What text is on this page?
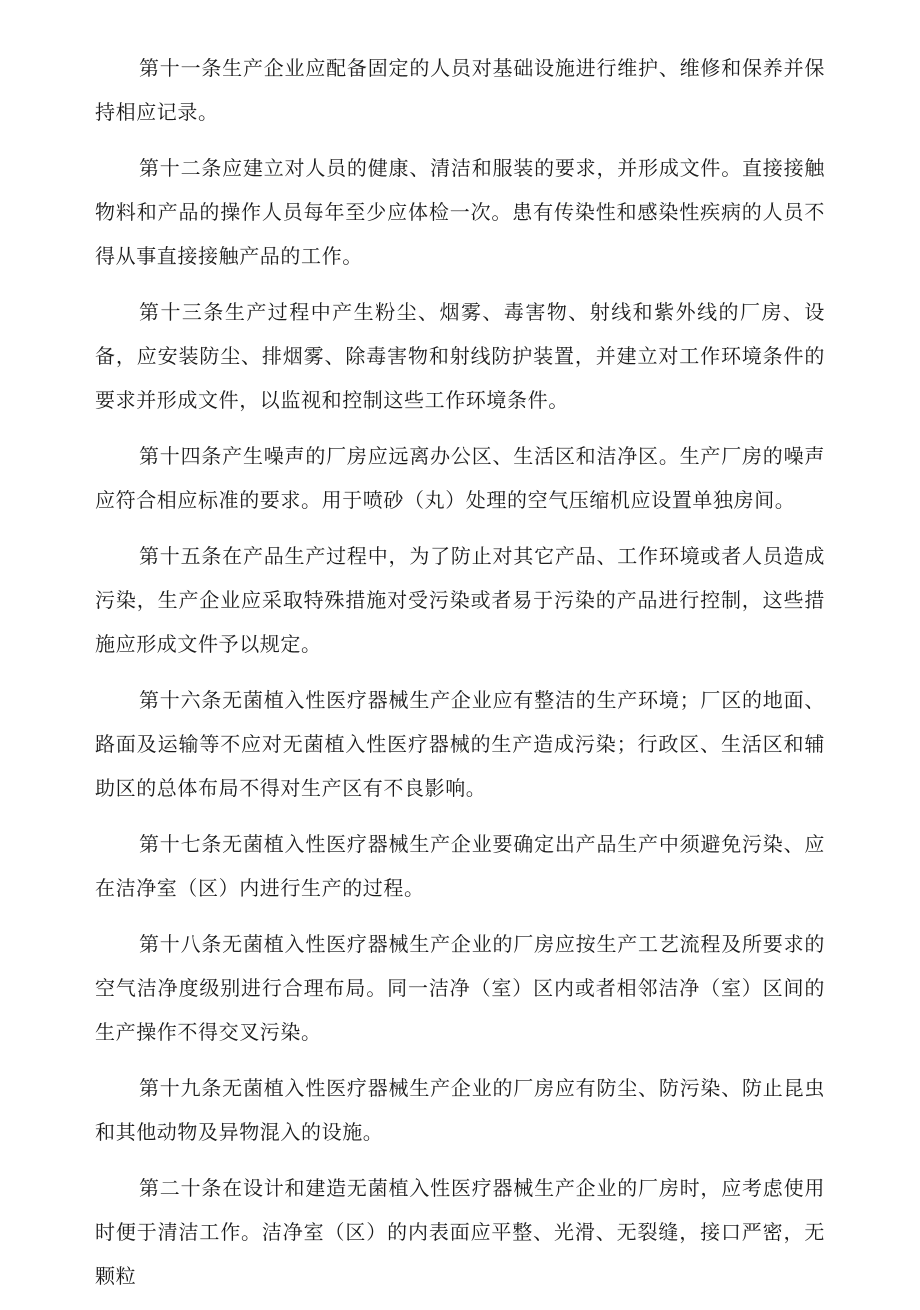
第十一条生产企业应配备固定的人员对基础设施进行维护、维修和保养并保持相应记录。

第十二条应建立对人员的健康、清洁和服装的要求，并形成文件。直接接触物料和产品的操作人员每年至少应体检一次。患有传染性和感染性疾病的人员不得从事直接接触产品的工作。

第十三条生产过程中产生粉尘、烟雾、毒害物、射线和紫外线的厂房、设备，应安装防尘、排烟雾、除毒害物和射线防护装置，并建立对工作环境条件的要求并形成文件，以监视和控制这些工作环境条件。

第十四条产生噪声的厂房应远离办公区、生活区和洁净区。生产厂房的噪声应符合相应标准的要求。用于喷砂（丸）处理的空气压缩机应设置单独房间。

第十五条在产品生产过程中，为了防止对其它产品、工作环境或者人员造成污染，生产企业应采取特殊措施对受污染或者易于污染的产品进行控制，这些措施应形成文件予以规定。

第十六条无菌植入性医疗器械生产企业应有整洁的生产环境；厂区的地面、路面及运输等不应对无菌植入性医疗器械的生产造成污染；行政区、生活区和辅助区的总体布局不得对生产区有不良影响。

第十七条无菌植入性医疗器械生产企业要确定出产品生产中须避免污染、应在洁净室（区）内进行生产的过程。

第十八条无菌植入性医疗器械生产企业的厂房应按生产工艺流程及所要求的空气洁净度级别进行合理布局。同一洁净（室）区内或者相邻洁净（室）区间的生产操作不得交叉污染。

第十九条无菌植入性医疗器械生产企业的厂房应有防尘、防污染、防止昆虫和其他动物及异物混入的设施。

第二十条在设计和建造无菌植入性医疗器械生产企业的厂房时，应考虑使用时便于清洁工作。洁净室（区）的内表面应平整、光滑、无裂缝，接口严密，无颗粒
